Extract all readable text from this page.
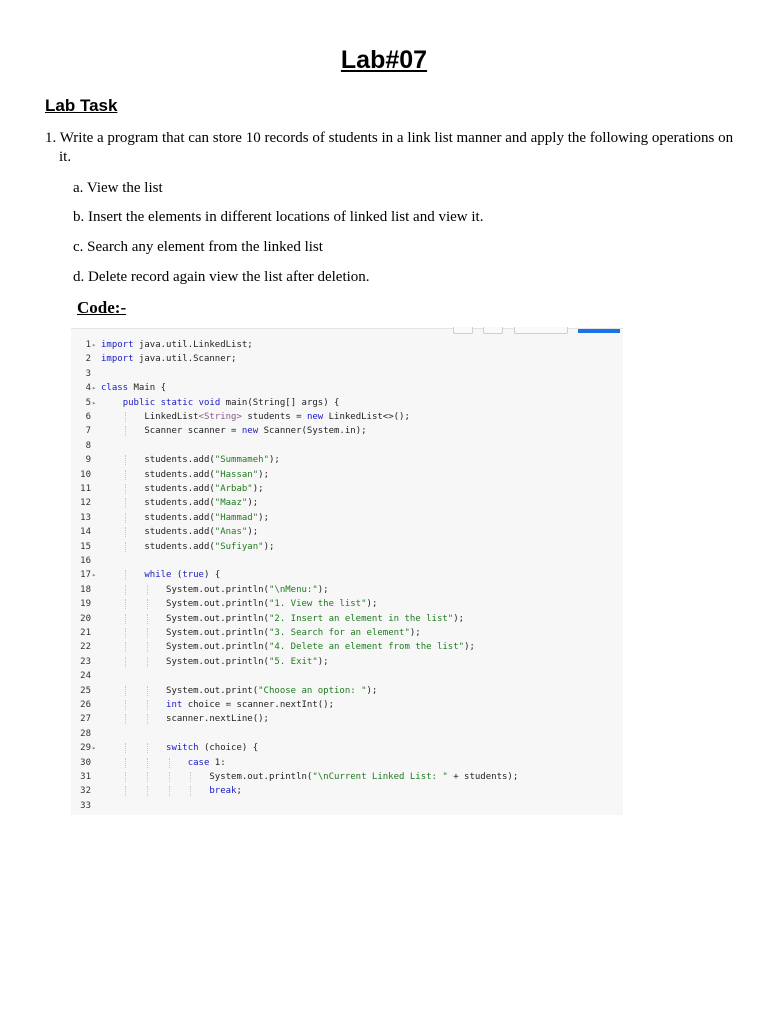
Lab#07
Lab Task
1. Write a program that can store 10 records of students in a link list manner and apply the following operations on it.
a. View the list
b. Insert the elements in different locations of linked list and view it.
c. Search any element from the linked list
d. Delete record again view the list after deletion.
Code:-
1 ▸ import java.util.LinkedList;
2 import java.util.Scanner;
3
4 ▸ class Main {
5 ▸	public static void main(String[] args) {
6 LinkedList<String> students = new LinkedList<>();
7 Scanner scanner = new Scanner(System.in);
8
9 students.add("Summameh");
10 students.add("Hassan");
11 students.add("Arbab");
12 students.add("Maaz");
13 students.add("Hammad");
14 students.add("Anas");
15 students.add("Sufiyan");
16
17 ▸	while (true) {
18 System.out.println("\nMenu:");
19 System.out.println("1. View the list");
20 System.out.println("2. Insert an element in the list");
21 System.out.println("3. Search for an element");
22 System.out.println("4. Delete an element from the list");
23 System.out.println("5. Exit");
24
25 System.out.print("Choose an option: ");
26	int choice = scanner.nextInt();
27 scanner.nextLine();
28
29 ▸	switch (choice) {
30	case 1:
31 System.out.println("\nCurrent Linked List: " + students);
32	break;
33
